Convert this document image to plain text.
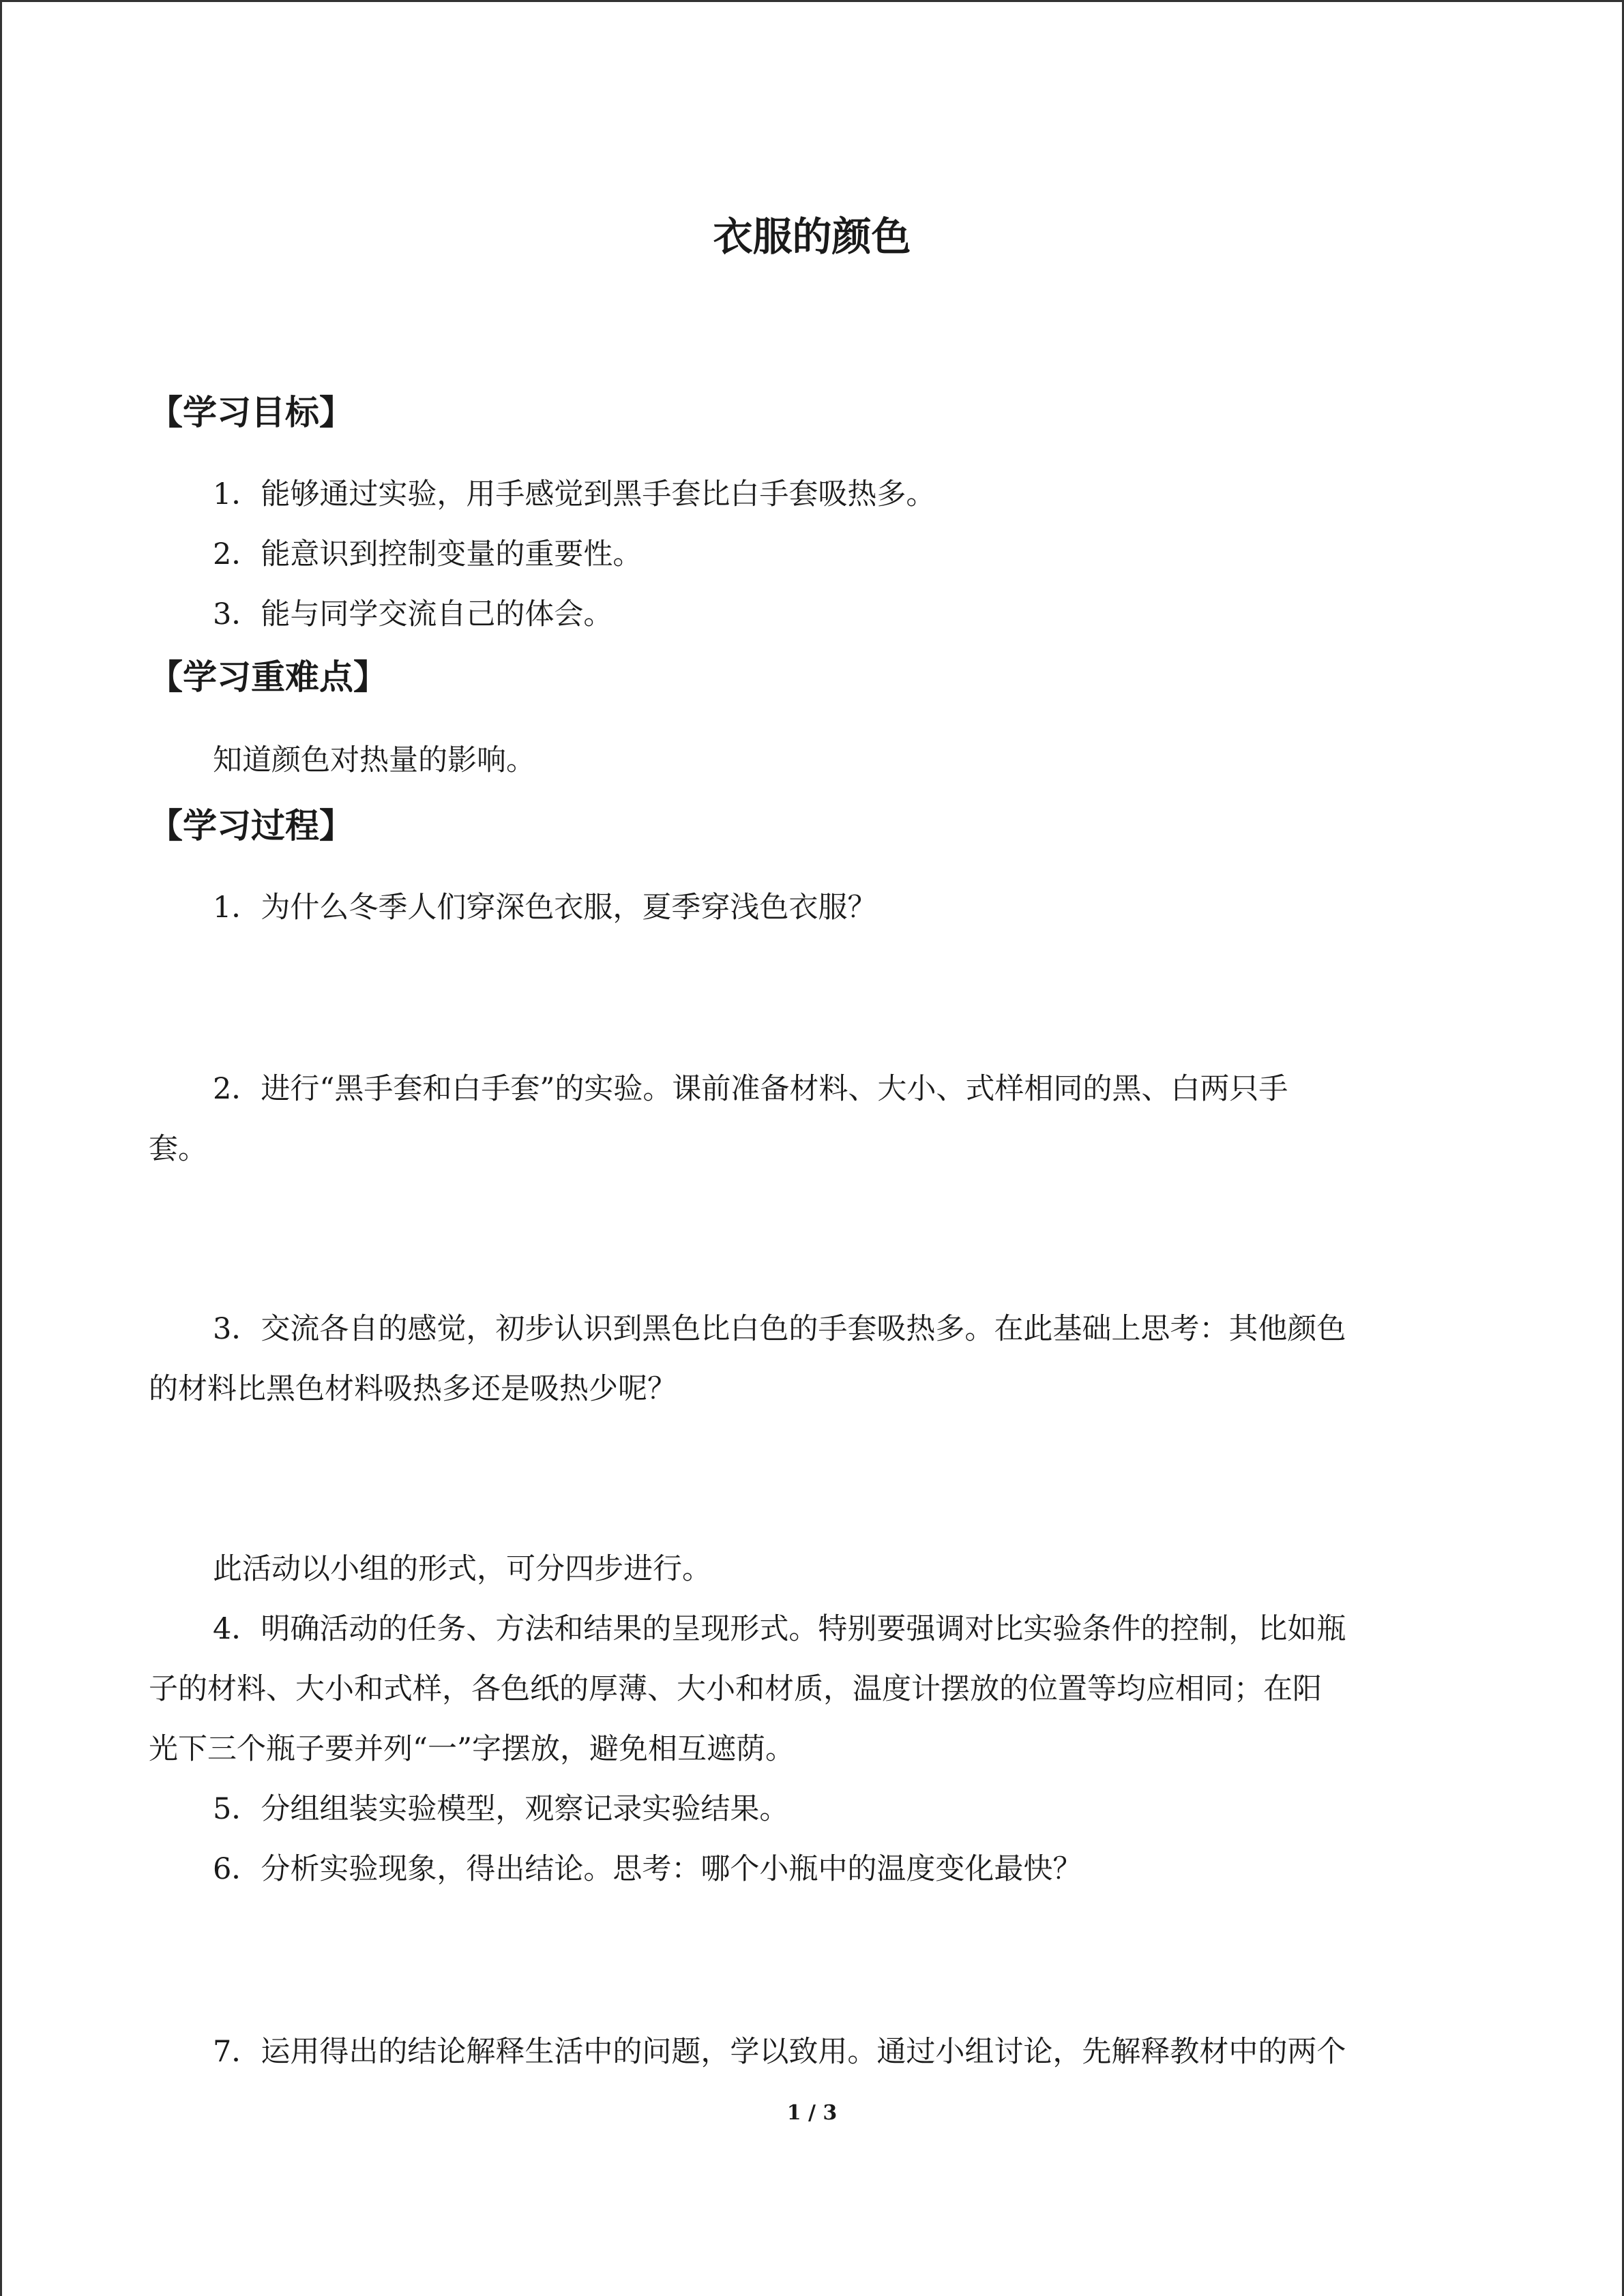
衣服的颜色
【学习目标】
1．能够通过实验，用手感觉到黑手套比白手套吸热多。
2．能意识到控制变量的重要性。
3．能与同学交流自己的体会。
【学习重难点】
知道颜色对热量的影响。
【学习过程】
1．为什么冬季人们穿深色衣服，夏季穿浅色衣服？
2．进行“黑手套和白手套”的实验。课前准备材料、大小、式样相同的黑、白两只手
套。
3．交流各自的感觉，初步认识到黑色比白色的手套吸热多。在此基础上思考：其他颜色
的材料比黑色材料吸热多还是吸热少呢？
此活动以小组的形式，可分四步进行。
4．明确活动的任务、方法和结果的呈现形式。特别要强调对比实验条件的控制，比如瓶
子的材料、大小和式样，各色纸的厚薄、大小和材质，温度计摆放的位置等均应相同；在阳
光下三个瓶子要并列“一”字摆放，避免相互遮荫。
5．分组组装实验模型，观察记录实验结果。
6．分析实验现象，得出结论。思考：哪个小瓶中的温度变化最快？
7．运用得出的结论解释生活中的问题，学以致用。通过小组讨论，先解释教材中的两个
1 / 3
